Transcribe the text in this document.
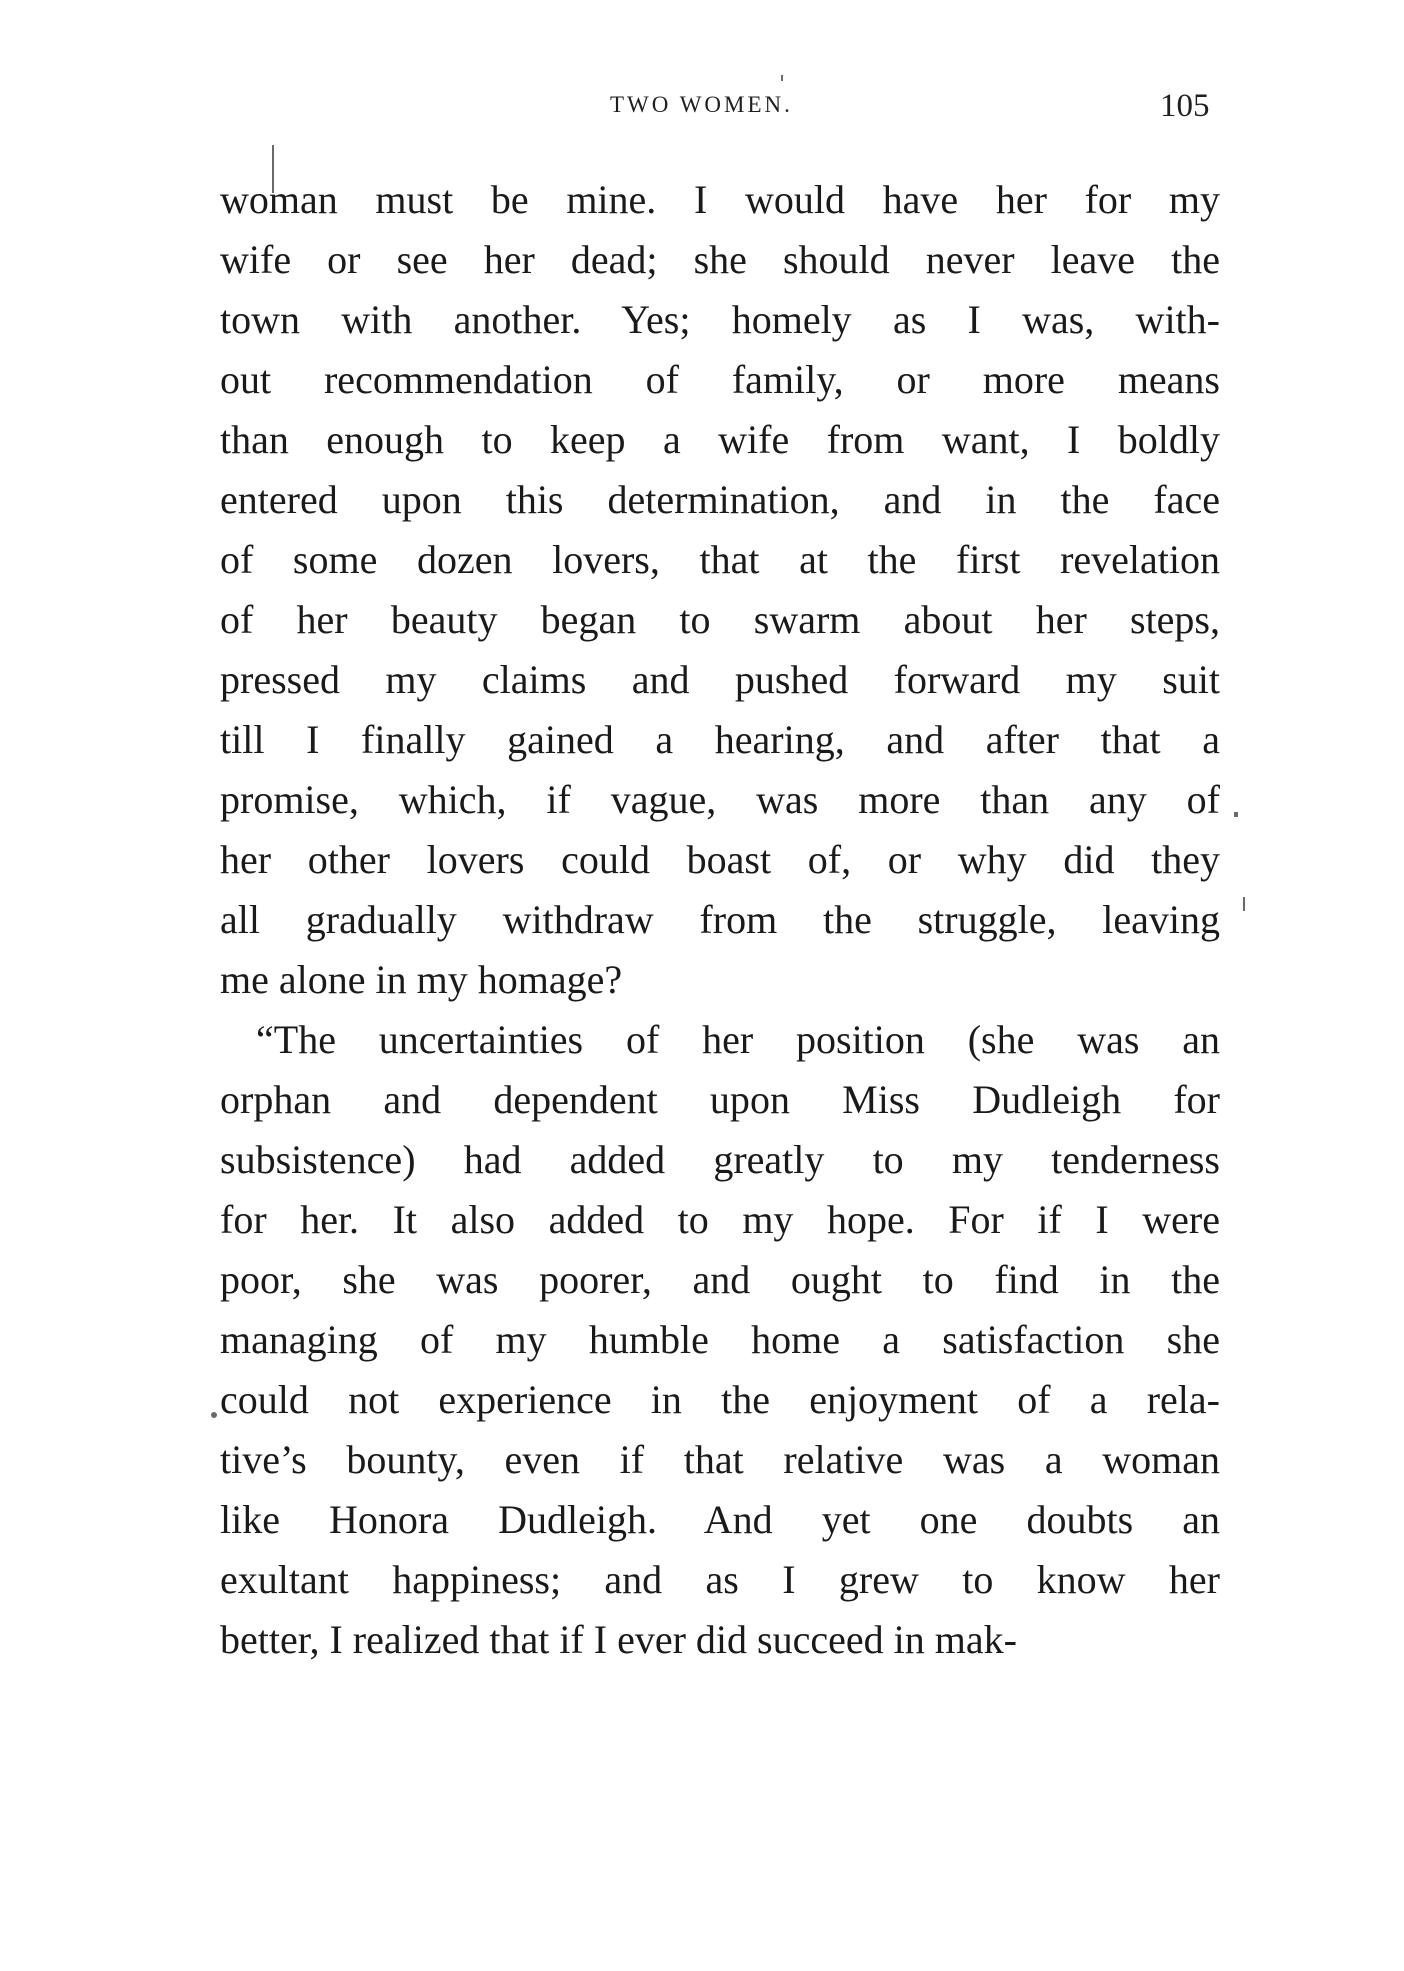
TWO WOMEN.	105
woman must be mine. I would have her for my
wife or see her dead; she should never leave the
town with another. Yes; homely as I was, with-
out recommendation of family, or more means
than enough to keep a wife from want, I boldly
entered upon this determination, and in the face
of some dozen lovers, that at the first revelation
of her beauty began to swarm about her steps,
pressed my claims and pushed forward my suit
till I finally gained a hearing, and after that a
promise, which, if vague, was more than any of
her other lovers could boast of, or why did they
all gradually withdraw from the struggle, leaving
me alone in my homage?
“The uncertainties of her position (she was an
orphan and dependent upon Miss Dudleigh for
subsistence) had added greatly to my tenderness
for her. It also added to my hope. For if I were
poor, she was poorer, and ought to find in the
managing of my humble home a satisfaction she
could not experience in the enjoyment of a rela-
tive’s bounty, even if that relative was a woman
like Honora Dudleigh. And yet one doubts an
exultant happiness; and as I grew to know her
better, I realized that if I ever did succeed in mak-
